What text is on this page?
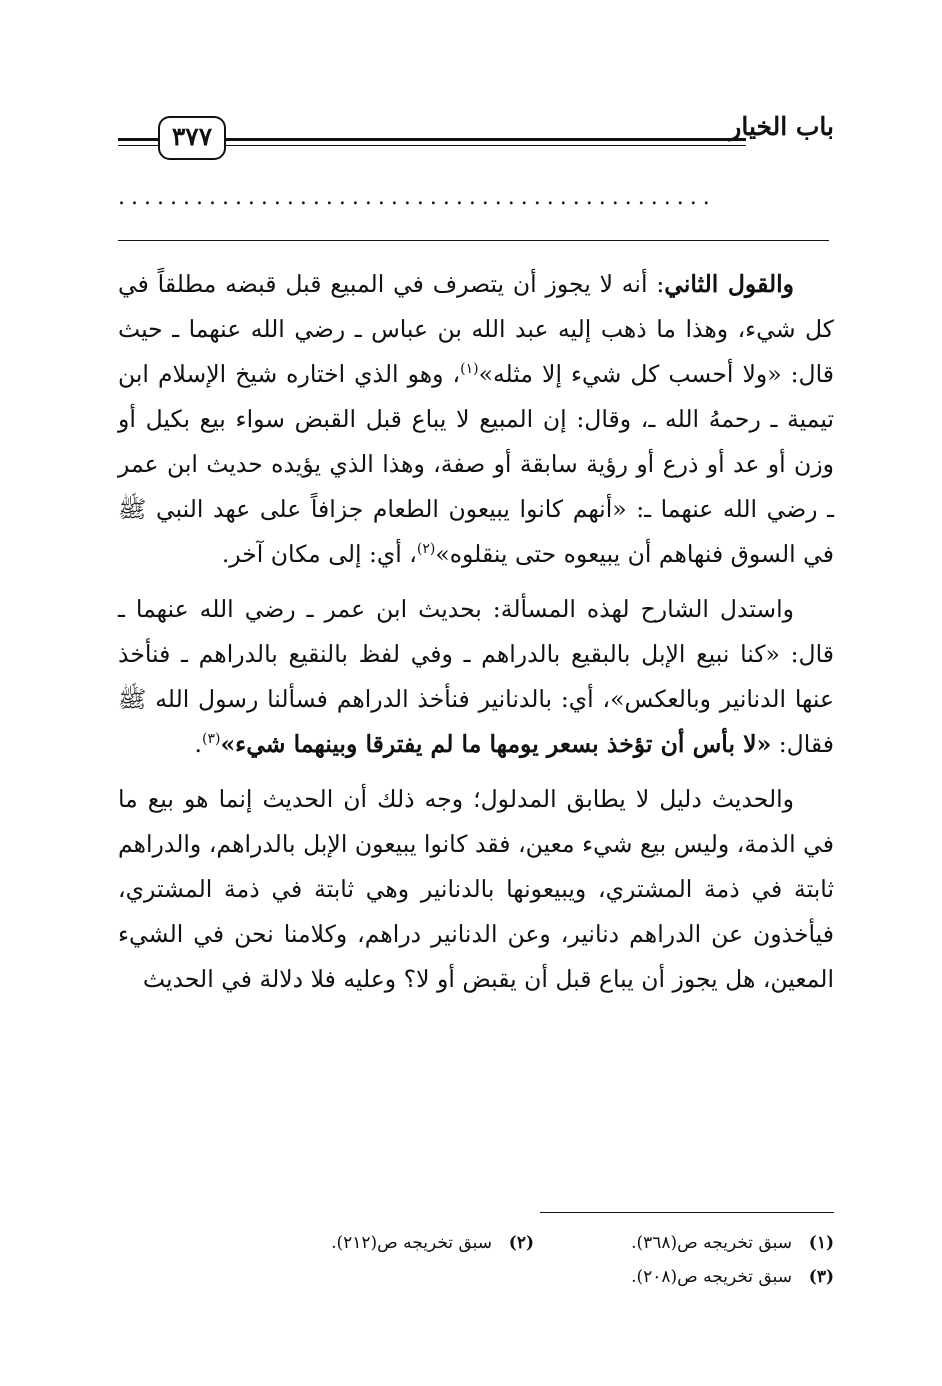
باب الخيار
٣٧٧
..............................................

والقول الثاني: أنه لا يجوز أن يتصرف في المبيع قبل قبضه مطلقاً في كل شيء، وهذا ما ذهب إليه عبد الله بن عباس ـ رضي الله عنهما ـ حيث قال: «ولا أحسب كل شيء إلا مثله»$^{(١)}$، وهو الذي اختاره شيخ الإسلام ابن تيمية ـ رحمهُ الله ـ، وقال: إن المبيع لا يباع قبل القبض سواء بيع بكيل أو وزن أو عد أو ذرع أو رؤية سابقة أو صفة، وهذا الذي يؤيده حديث ابن عمر ـ رضي الله عنهما ـ: «أنهم كانوا يبيعون الطعام جزافاً على عهد النبي ﷺ في السوق فنهاهم أن يبيعوه حتى ينقلوه»$^{(٢)}$، أي: إلى مكان آخر.

واستدل الشارح لهذه المسألة: بحديث ابن عمر ـ رضي الله عنهما ـ قال: «كنا نبيع الإبل بالبقيع بالدراهم ـ وفي لفظ بالنقيع بالدراهم ـ فنأخذ عنها الدنانير وبالعكس»، أي: بالدنانير فنأخذ الدراهم فسألنا رسول الله ﷺ فقال: «لا بأس أن تؤخذ بسعر يومها ما لم يفترقا وبينهما شيء»$^{(٣)}$.

والحديث دليل لا يطابق المدلول؛ وجه ذلك أن الحديث إنما هو بيع ما في الذمة، وليس بيع شيء معين، فقد كانوا يبيعون الإبل بالدراهم، والدراهم ثابتة في ذمة المشتري، ويبيعونها بالدنانير وهي ثابتة في ذمة المشتري، فيأخذون عن الدراهم دنانير، وعن الدنانير دراهم، وكلامنا نحن في الشيء المعين، هل يجوز أن يباع قبل أن يقبض أو لا؟ وعليه فلا دلالة في الحديث

(١)سبق تخريجه ص(٣٦٨).
(٢)سبق تخريجه ص(٢١٢).
(٣)سبق تخريجه ص(٢٠٨).
